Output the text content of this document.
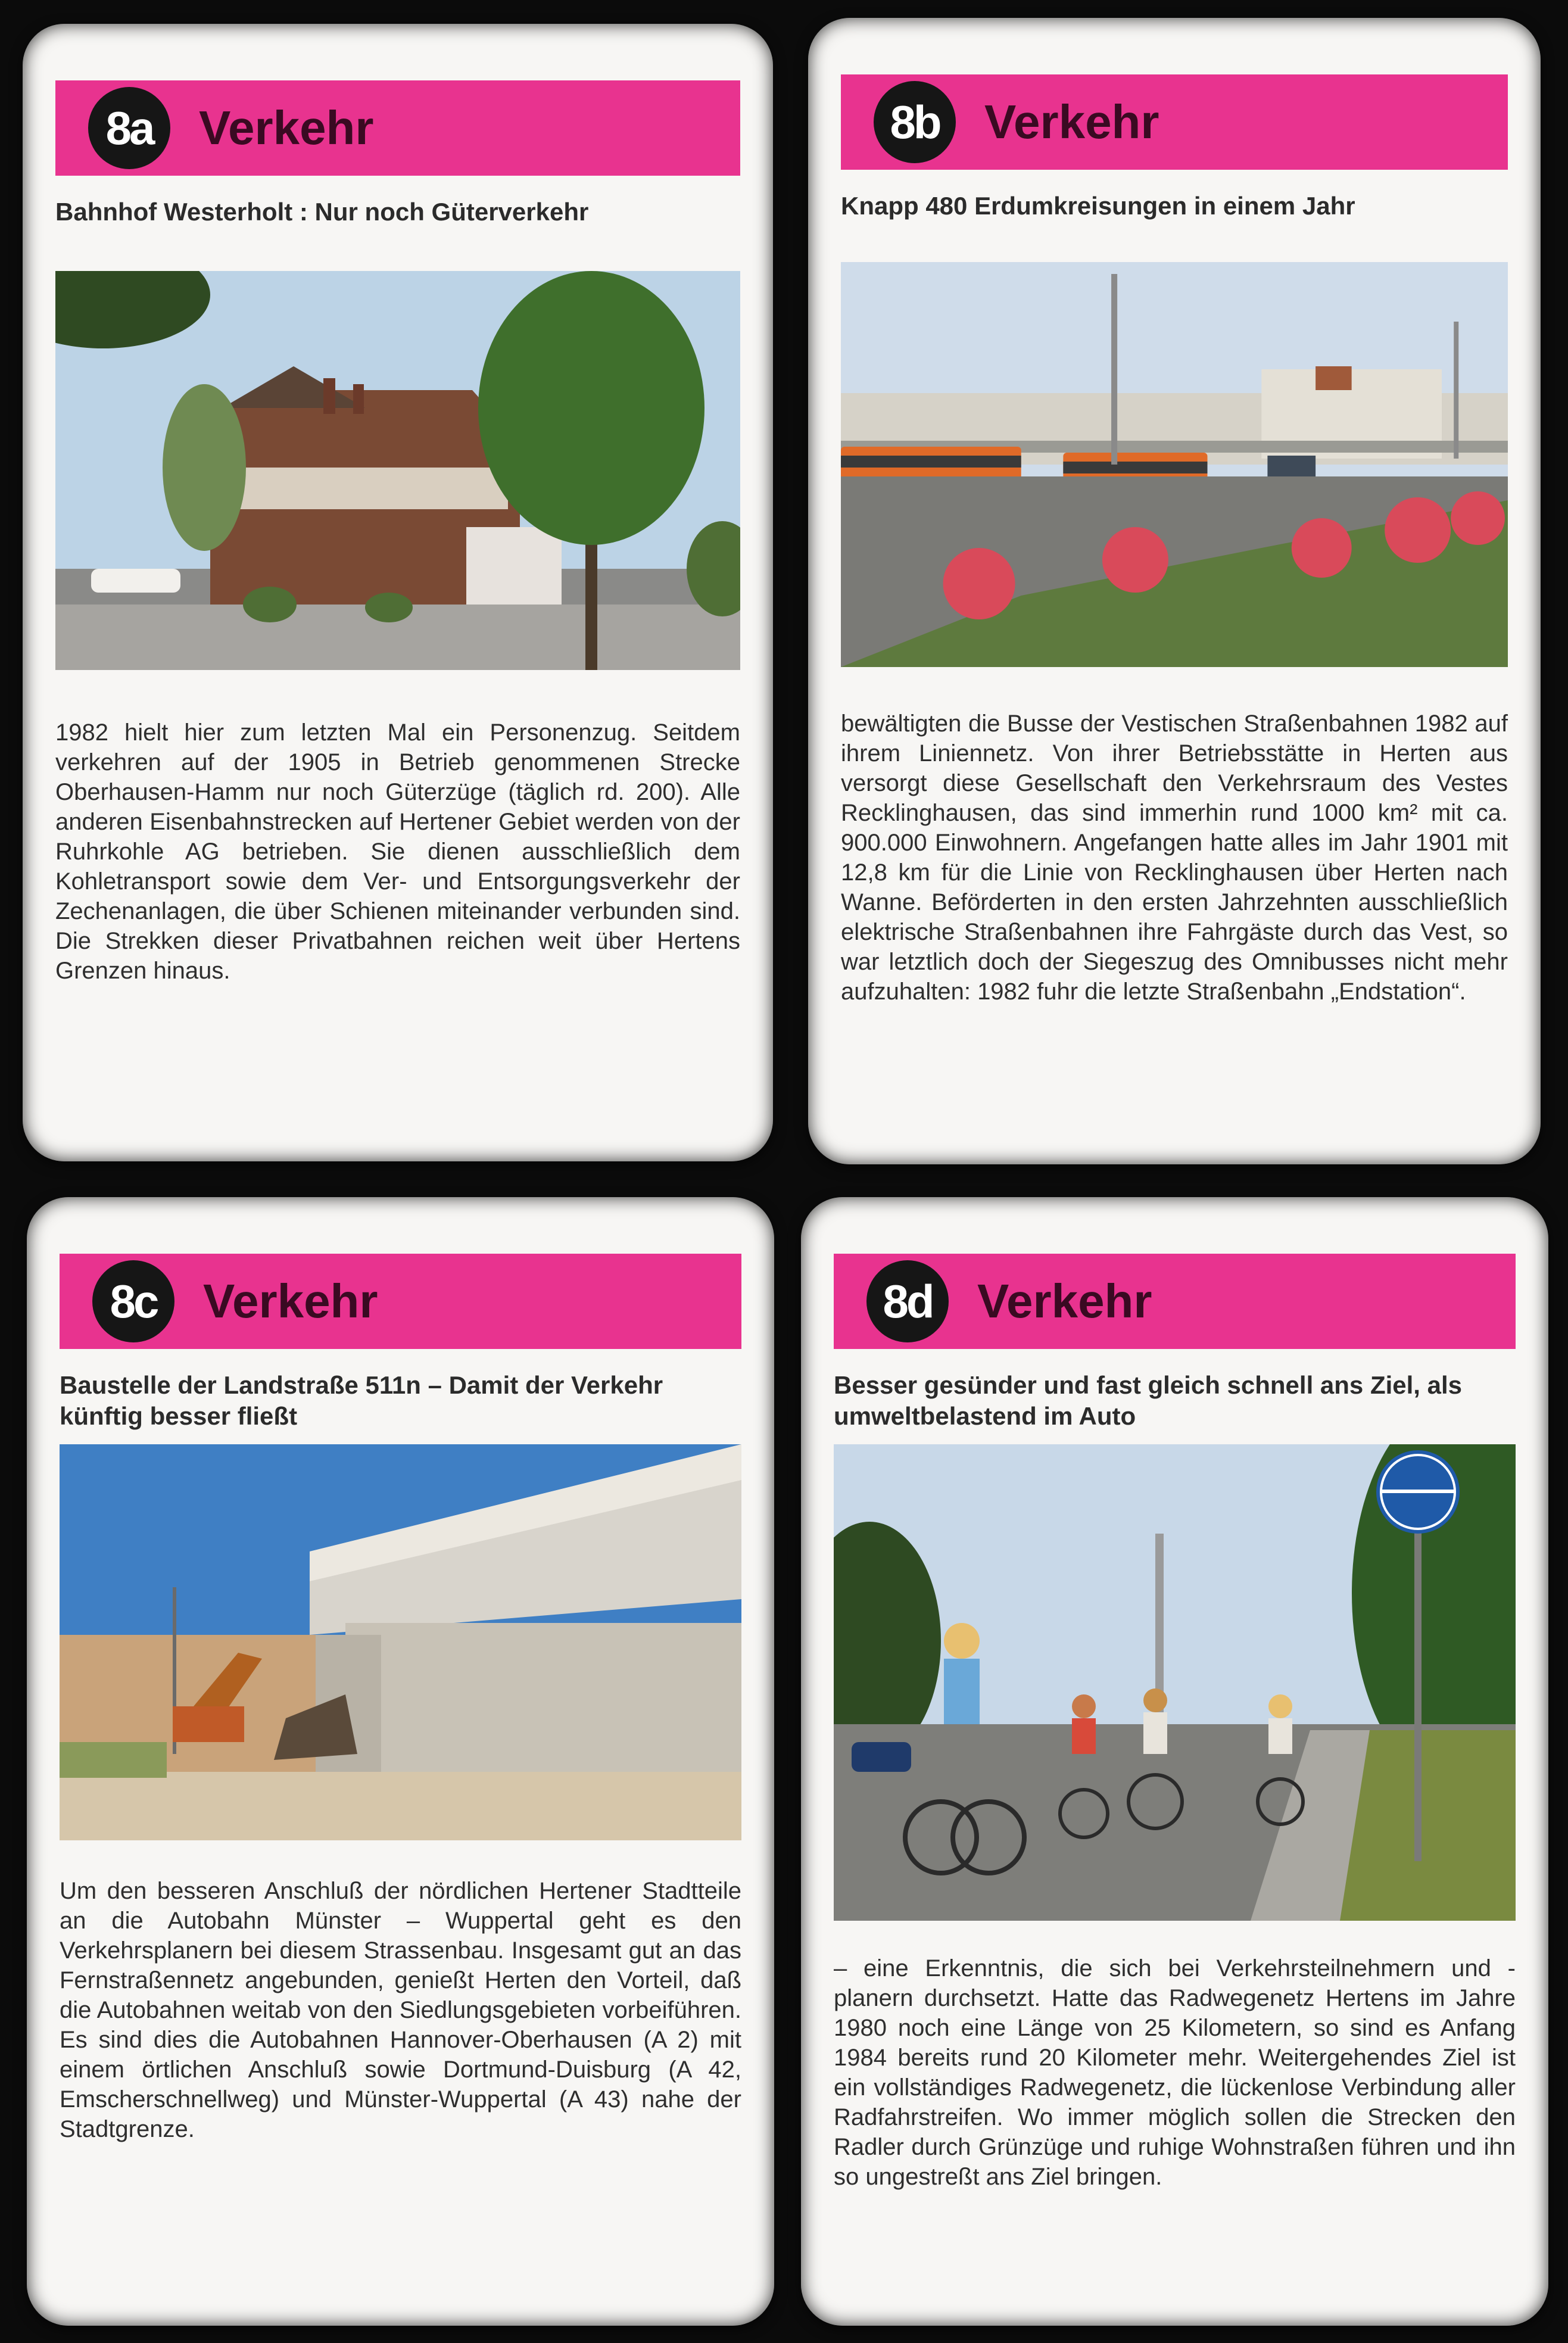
8a Verkehr
Bahnhof Westerholt : Nur noch Güterverkehr
1982 hielt hier zum letzten Mal ein Personenzug. Seitdem verkehren auf der 1905 in Betrieb genommenen Strecke Oberhausen-Hamm nur noch Güterzüge (täglich rd. 200). Alle anderen Eisenbahnstrecken auf Hertener Gebiet werden von der Ruhrkohle AG betrieben. Sie dienen ausschließlich dem Kohletransport sowie dem Ver- und Entsorgungsverkehr der Zechenanlagen, die über Schienen miteinander verbunden sind. Die Strekken dieser Privatbahnen reichen weit über Hertens Grenzen hinaus.
8b Verkehr
Knapp 480 Erdumkreisungen in einem Jahr
bewältigten die Busse der Vestischen Straßenbahnen 1982 auf ihrem Liniennetz. Von ihrer Betriebsstätte in Herten aus versorgt diese Gesellschaft den Verkehrsraum des Vestes Recklinghausen, das sind immerhin rund 1000 km² mit ca. 900.000 Einwohnern. Angefangen hatte alles im Jahr 1901 mit 12,8 km für die Linie von Recklinghausen über Herten nach Wanne. Beförderten in den ersten Jahrzehnten ausschließlich elektrische Straßenbahnen ihre Fahrgäste durch das Vest, so war letztlich doch der Siegeszug des Omnibusses nicht mehr aufzuhalten: 1982 fuhr die letzte Straßenbahn „Endstation“.
8c Verkehr
Baustelle der Landstraße 511n – Damit der Verkehr künftig besser fließt
Um den besseren Anschluß der nördlichen Hertener Stadtteile an die Autobahn Münster – Wuppertal geht es den Verkehrsplanern bei diesem Strassenbau. Insgesamt gut an das Fernstraßennetz angebunden, genießt Herten den Vorteil, daß die Autobahnen weitab von den Siedlungsgebieten vorbeiführen. Es sind dies die Autobahnen Hannover-Oberhausen (A 2) mit einem örtlichen Anschluß sowie Dortmund-Duisburg (A 42, Emscherschnellweg) und Münster-Wuppertal (A 43) nahe der Stadtgrenze.
8d Verkehr
Besser gesünder und fast gleich schnell ans Ziel, als umweltbelastend im Auto
– eine Erkenntnis, die sich bei Verkehrsteilnehmern und -planern durchsetzt. Hatte das Radwegenetz Hertens im Jahre 1980 noch eine Länge von 25 Kilometern, so sind es Anfang 1984 bereits rund 20 Kilometer mehr. Weitergehendes Ziel ist ein vollständiges Radwegenetz, die lückenlose Verbindung aller Radfahrstreifen. Wo immer möglich sollen die Strecken den Radler durch Grünzüge und ruhige Wohnstraßen führen und ihn so ungestreßt ans Ziel bringen.
